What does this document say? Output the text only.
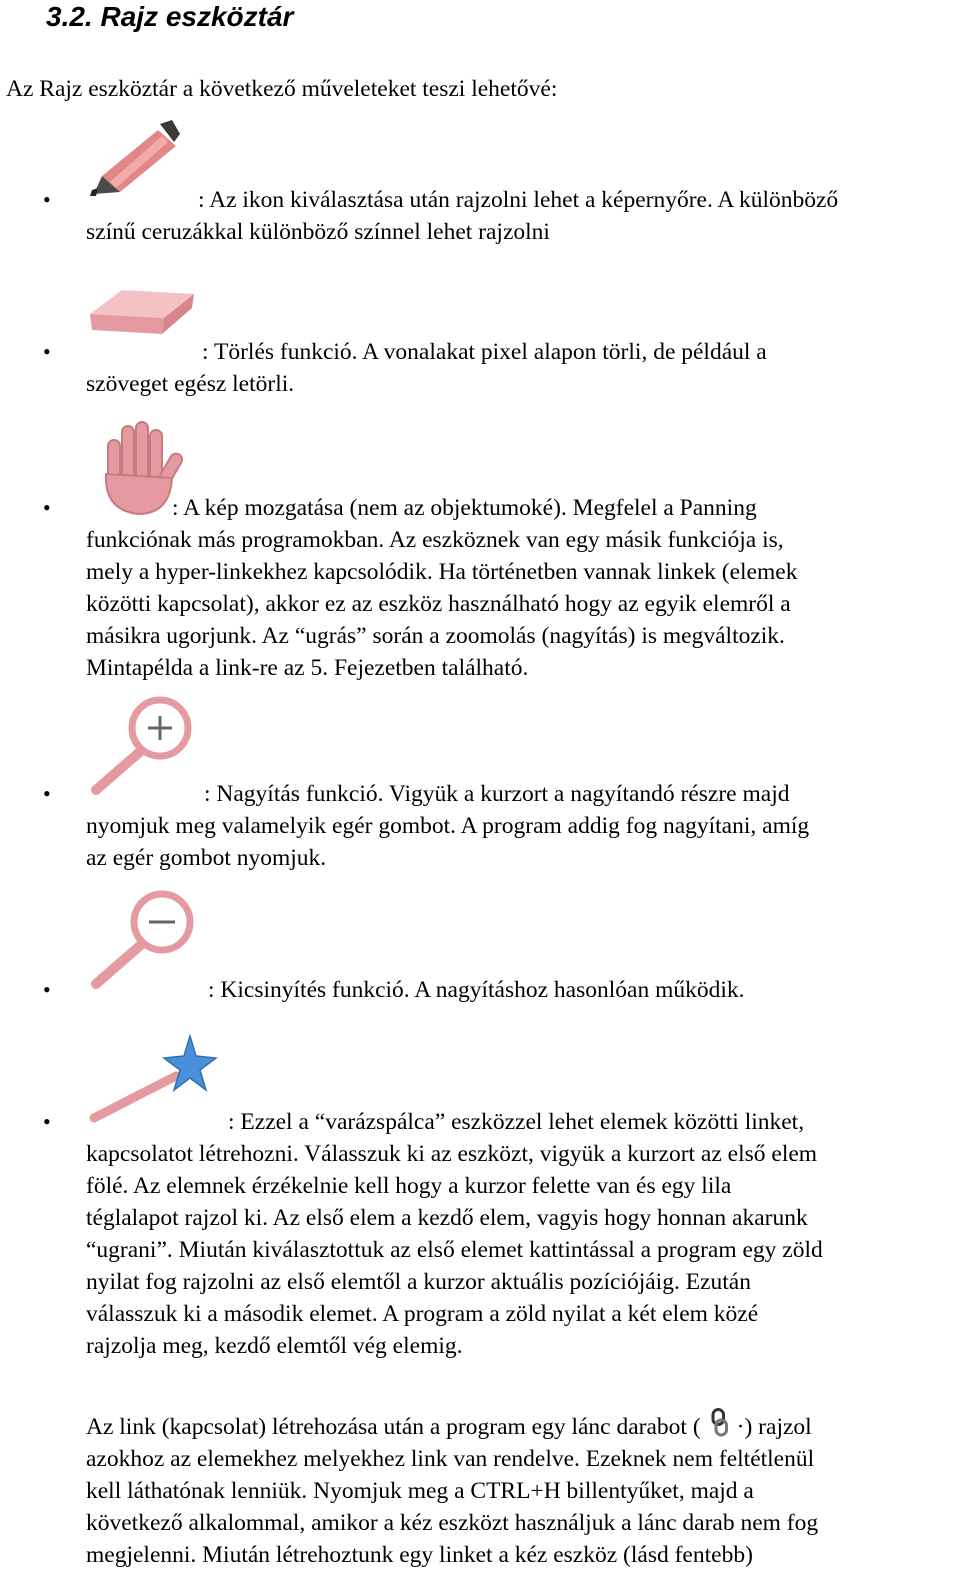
3.2. Rajz eszköztár
Az Rajz eszköztár a következő műveleteket teszi lehetővé:
•	: Az ikon kiválasztása után rajzolni lehet a képernyőre. A különböző
színű ceruzákkal különböző színnel lehet rajzolni
•	: Törlés funkció. A vonalakat pixel alapon törli, de például a
szöveget egész letörli.
•	: A kép mozgatása (nem az objektumoké). Megfelel a Panning
funkciónak más programokban. Az eszköznek van egy másik funkciója is,
mely a hyper-linkekhez kapcsolódik. Ha történetben vannak linkek (elemek
közötti kapcsolat), akkor ez az eszköz használható hogy az egyik elemről a
másikra ugorjunk. Az “ugrás” során a zoomolás (nagyítás) is megváltozik.
Mintapélda a link-re az 5. Fejezetben található.
•	: Nagyítás funkció. Vigyük a kurzort a nagyítandó részre majd
nyomjuk meg valamelyik egér gombot. A program addig fog nagyítani, amíg
az egér gombot nyomjuk.
•	: Kicsinyítés funkció. A nagyításhoz hasonlóan működik.
•	: Ezzel a “varázspálca” eszközzel lehet elemek közötti linket,
kapcsolatot létrehozni. Válasszuk ki az eszközt, vigyük a kurzort az első elem
fölé. Az elemnek érzékelnie kell hogy a kurzor felette van és egy lila
téglalapot rajzol ki. Az első elem a kezdő elem, vagyis hogy honnan akarunk
“ugrani”. Miután kiválasztottuk az első elemet kattintással a program egy zöld
nyilat fog rajzolni az első elemtől a kurzor aktuális pozíciójáig. Ezután
válasszuk ki a második elemet. A program a zöld nyilat a két elem közé
rajzolja meg, kezdő elemtől vég elemig.
Az link (kapcsolat) létrehozása után a program egy lánc darabot ( ·) rajzol
azokhoz az elemekhez melyekhez link van rendelve. Ezeknek nem feltétlenül
kell láthatónak lenniük. Nyomjuk meg a CTRL+H billentyűket, majd a
következő alkalommal, amikor a kéz eszközt használjuk a lánc darab nem fog
megjelenni. Miután létrehoztunk egy linket a kéz eszköz (lásd fentebb)
